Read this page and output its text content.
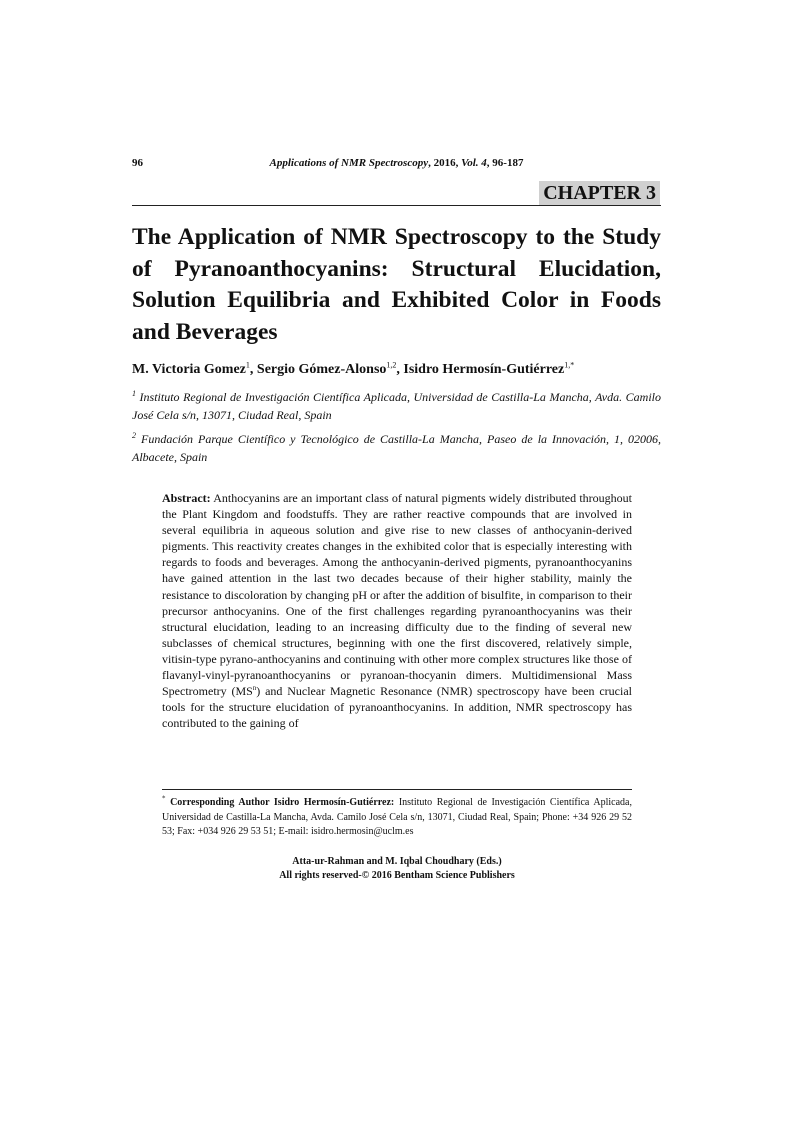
96	Applications of NMR Spectroscopy, 2016, Vol. 4, 96-187
CHAPTER 3
The Application of NMR Spectroscopy to the Study of Pyranoanthocyanins: Structural Elucidation, Solution Equilibria and Exhibited Color in Foods and Beverages
M. Victoria Gomez$^1$, Sergio Gómez-Alonso$^{1,2}$, Isidro Hermosín-Gutiérrez$^{1,*}$
$^1$ Instituto Regional de Investigación Científica Aplicada, Universidad de Castilla-La Mancha, Avda. Camilo José Cela s/n, 13071, Ciudad Real, Spain
$^2$ Fundación Parque Científico y Tecnológico de Castilla-La Mancha, Paseo de la Innovación, 1, 02006, Albacete, Spain
Abstract: Anthocyanins are an important class of natural pigments widely distributed throughout the Plant Kingdom and foodstuffs. They are rather reactive compounds that are involved in several equilibria in aqueous solution and give rise to new classes of anthocyanin-derived pigments. This reactivity creates changes in the exhibited color that is especially interesting with regards to foods and beverages. Among the anthocyanin-derived pigments, pyranoanthocyanins have gained attention in the last two decades because of their higher stability, mainly the resistance to discoloration by changing pH or after the addition of bisulfite, in comparison to their precursor anthocyanins. One of the first challenges regarding pyranoanthocyanins was their structural elucidation, leading to an increasing difficulty due to the finding of several new subclasses of chemical structures, beginning with one the first discovered, relatively simple, vitisin-type pyrano-anthocyanins and continuing with other more complex structures like those of flavanyl-vinyl-pyranoanthocyanins or pyranoan-thocyanin dimers. Multidimensional Mass Spectrometry $(MS^n)$ and Nuclear Magnetic Resonance (NMR) spectroscopy have been crucial tools for the structure elucidation of pyranoanthocyanins. In addition, NMR spectroscopy has contributed to the gaining of
* Corresponding Author Isidro Hermosín-Gutiérrez: Instituto Regional de Investigación Científica Aplicada, Universidad de Castilla-La Mancha, Avda. Camilo José Cela s/n, 13071, Ciudad Real, Spain; Phone: +34 926 29 52 53; Fax: +034 926 29 53 51; E-mail: isidro.hermosin@uclm.es
Atta-ur-Rahman and M. Iqbal Choudhary (Eds.)
All rights reserved-© 2016 Bentham Science Publishers
